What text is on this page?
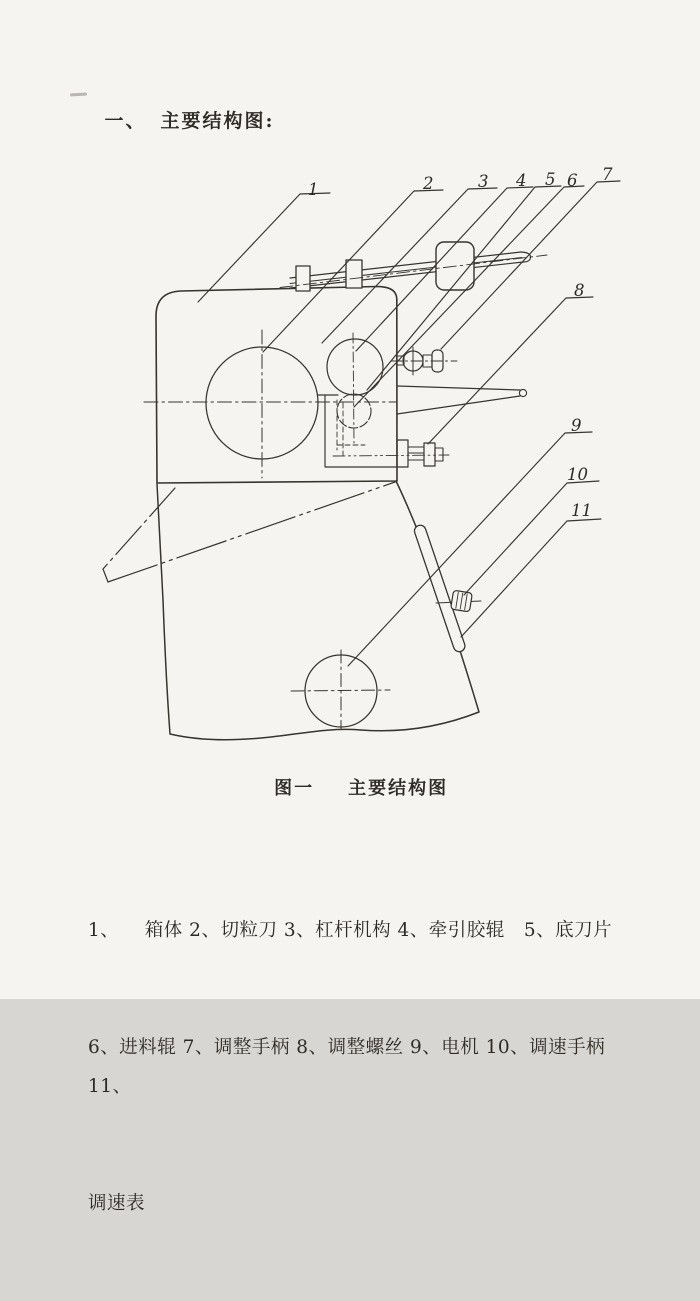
一、 主要结构图:

1	2	3 4 5 6 7
8
9
10
11

图一 主要结构图

1、    箱体 2、切粒刀 3、杠杆机构 4、牵引胶辊   5、底刀片

6、进料辊 7、调整手柄 8、调整螺丝 9、电机 10、调速手柄   11、

调速表
